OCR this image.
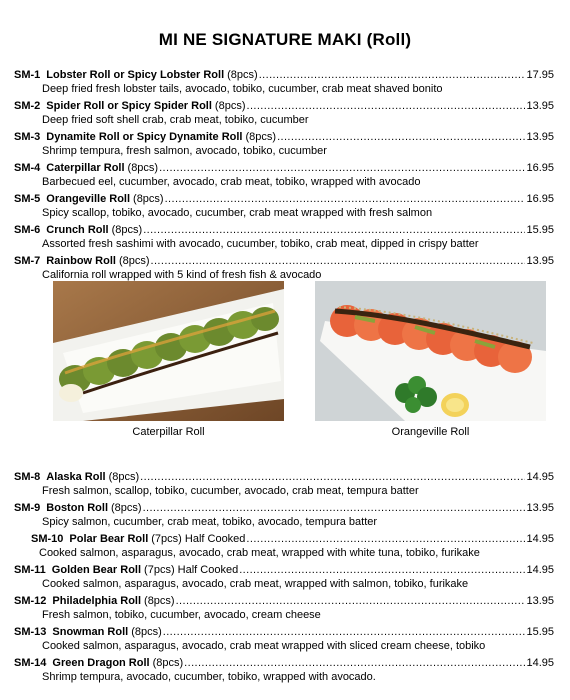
MI NE SIGNATURE MAKI (Roll)
SM-1 Lobster Roll or Spicy Lobster Roll (8pcs) .....	17.95
Deep fried fresh lobster tails, avocado, tobiko, cucumber, crab meat shaved bonito
SM-2 Spider Roll or Spicy Spider Roll (8pcs) .....	13.95
Deep fried soft shell crab, crab meat, tobiko, cucumber
SM-3 Dynamite Roll or Spicy Dynamite Roll (8pcs) .....	13.95
Shrimp tempura, fresh salmon, avocado, tobiko, cucumber
SM-4 Caterpillar Roll (8pcs) .....	16.95
Barbecued eel, cucumber, avocado, crab meat, tobiko, wrapped with avocado
SM-5 Orangeville Roll (8pcs) .....	16.95
Spicy scallop, tobiko, avocado, cucumber, crab meat wrapped with fresh salmon
SM-6 Crunch Roll (8pcs) .....	15.95
Assorted fresh sashimi with avocado, cucumber, tobiko, crab meat, dipped in crispy batter
SM-7 Rainbow Roll (8pcs) .....	13.95
California roll wrapped with 5 kind of fresh fish & avocado
Caterpillar Roll	Orangeville Roll
SM-8 Alaska Roll (8pcs) .....	14.95
Fresh salmon, scallop, tobiko, cucumber, avocado, crab meat, tempura batter
SM-9 Boston Roll (8pcs) .....	13.95
Spicy salmon, cucumber, crab meat, tobiko, avocado, tempura batter
SM-10 Polar Bear Roll (7pcs) Half Cooked .....	14.95
Cooked salmon, asparagus, avocado, crab meat, wrapped with white tuna, tobiko, furikake
SM-11 Golden Bear Roll (7pcs) Half Cooked .....	14.95
Cooked salmon, asparagus, avocado, crab meat, wrapped with salmon, tobiko, furikake
SM-12 Philadelphia Roll (8pcs) .....	13.95
Fresh salmon, tobiko, cucumber, avocado, cream cheese
SM-13 Snowman Roll (8pcs) .....	15.95
Cooked salmon, asparagus, avocado, crab meat wrapped with sliced cream cheese, tobiko
SM-14 Green Dragon Roll (8pcs) .....	14.95
Shrimp tempura, avocado, cucumber, tobiko, wrapped with avocado.
